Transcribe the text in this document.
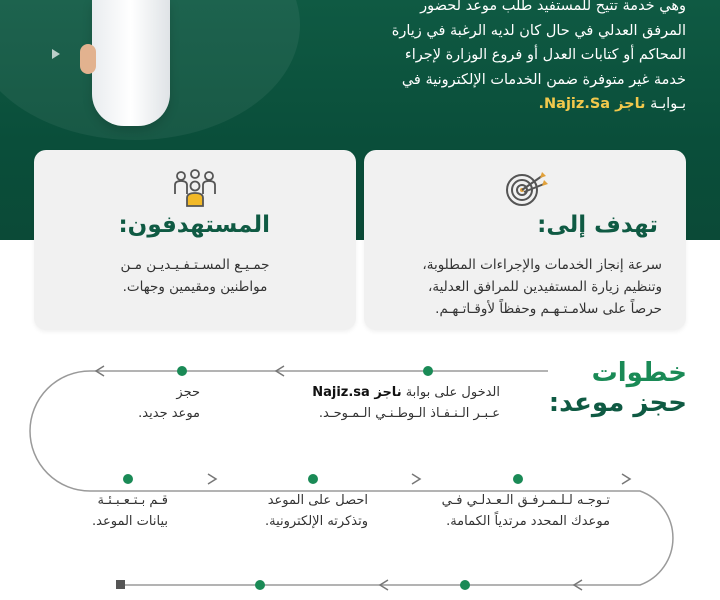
وهي خدمة تتيح للمستفيد طلب موعد لحضور
المرفق العدلي في حال كان لديه الرغبة في زيارة
المحاكم أو كتابات العدل أو فروع الوزارة لإجراء
خدمة غير متوفرة ضمن الخدمات الإلكترونية في
بـوابـة ناجز Najiz.Sa.
تهدف إلى:
سرعة إنجاز الخدمات والإجراءات المطلوبة،
وتنظيم زيارة المستفيدين للمرافق العدلية،
حرصاً على سلامـتـهـم وحفظاً لأوقـاتـهـم.
المستهدفون:
جمـيـع المسـتـفـيـديـن مـن
مواطنين ومقيمين وجهات.
خطوات
حجز موعد:
الدخول على بوابة ناجز Najiz.sa
عـبـر الـنـفـاذ الـوطـنـي الـمـوحـد.
حجز
موعد جديد.
قـم بـتـعـبـئـة
بيانات الموعد.
احصل على الموعد
وتذكرته الإلكترونية.
تـوجـه لـلـمـرفـق الـعـدلـي فـي
موعدك المحدد مرتدياً الكمامة.
